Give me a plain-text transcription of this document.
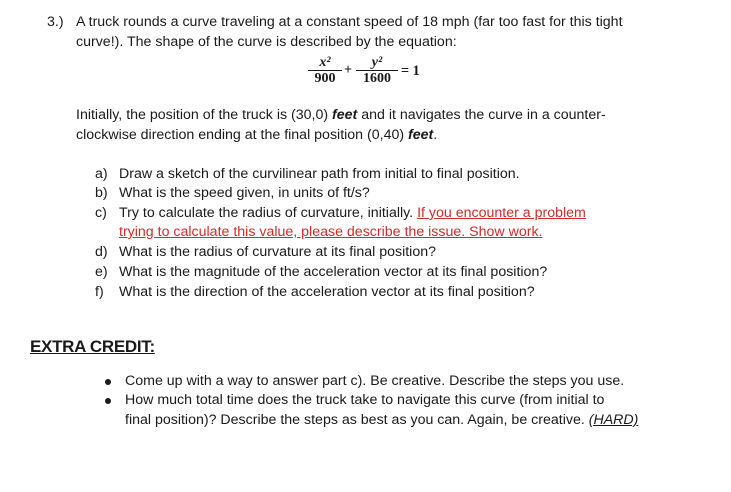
3.) A truck rounds a curve traveling at a constant speed of 18 mph (far too fast for this tight
curve!). The shape of the curve is described by the equation:
$\frac{\text{x²}}{900} + \frac{\text{y²}}{1600} = 1$
Initially, the position of the truck is (30,0) feet and it navigates the curve in a counter-
clockwise direction ending at the final position (0,40) feet.
a) Draw a sketch of the curvilinear path from initial to final position.
b) What is the speed given, in units of ft/s?
c) Try to calculate the radius of curvature, initially. If you encounter a problem
trying to calculate this value, please describe the issue. Show work.
d) What is the radius of curvature at its final position?
e) What is the magnitude of the acceleration vector at its final position?
f) What is the direction of the acceleration vector at its final position?
EXTRA CREDIT:
Come up with a way to answer part c). Be creative. Describe the steps you use.
How much total time does the truck take to navigate this curve (from initial to
final position)? Describe the steps as best as you can. Again, be creative. (HARD)
